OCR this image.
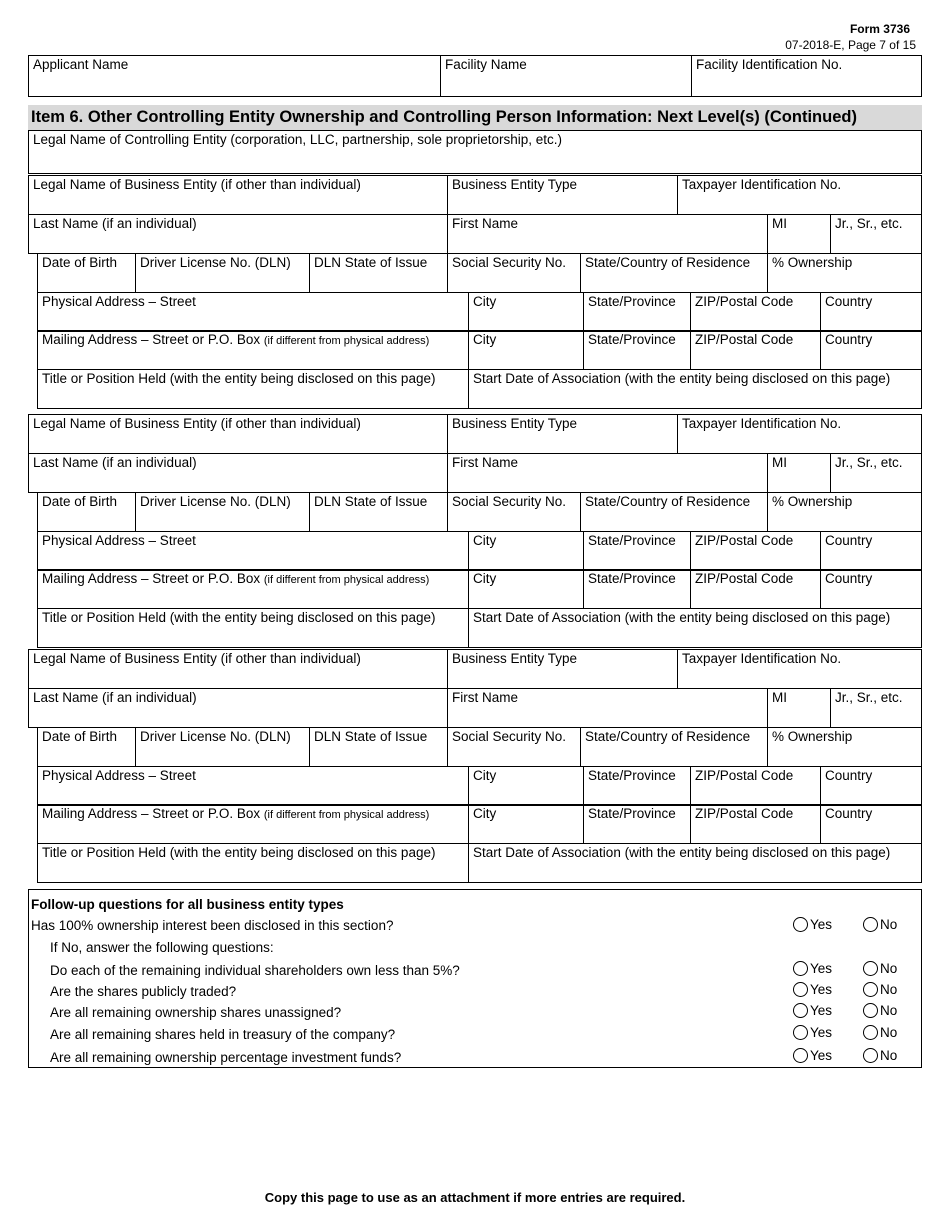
Form 3736
07-2018-E, Page 7 of 15
Applicant Name	Facility Name	Facility Identification No.
Item 6. Other Controlling Entity Ownership and Controlling Person Information: Next Level(s) (Continued)
Legal Name of Controlling Entity (corporation, LLC, partnership, sole proprietorship, etc.)
Legal Name of Business Entity (if other than individual)	Business Entity Type	Taxpayer Identification No.
Last Name (if an individual)	First Name	MI	Jr., Sr., etc.
Date of Birth	Driver License No. (DLN)	DLN State of Issue	Social Security No.	State/Country of Residence	% Ownership
Physical Address – Street	City	State/Province	ZIP/Postal Code	Country
Mailing Address – Street or P.O. Box (if different from physical address)	City	State/Province	ZIP/Postal Code	Country
Title or Position Held (with the entity being disclosed on this page)	Start Date of Association (with the entity being disclosed on this page)
Legal Name of Business Entity (if other than individual)	Business Entity Type	Taxpayer Identification No.
Last Name (if an individual)	First Name	MI	Jr., Sr., etc.
Date of Birth	Driver License No. (DLN)	DLN State of Issue	Social Security No.	State/Country of Residence	% Ownership
Physical Address – Street	City	State/Province	ZIP/Postal Code	Country
Mailing Address – Street or P.O. Box (if different from physical address)	City	State/Province	ZIP/Postal Code	Country
Title or Position Held (with the entity being disclosed on this page)	Start Date of Association (with the entity being disclosed on this page)
Legal Name of Business Entity (if other than individual)	Business Entity Type	Taxpayer Identification No.
Last Name (if an individual)	First Name	MI	Jr., Sr., etc.
Date of Birth	Driver License No. (DLN)	DLN State of Issue	Social Security No.	State/Country of Residence	% Ownership
Physical Address – Street	City	State/Province	ZIP/Postal Code	Country
Mailing Address – Street or P.O. Box (if different from physical address)	City	State/Province	ZIP/Postal Code	Country
Title or Position Held (with the entity being disclosed on this page)	Start Date of Association (with the entity being disclosed on this page)
Follow-up questions for all business entity types
Has 100% ownership interest been disclosed in this section?	Yes	No
If No, answer the following questions:
Do each of the remaining individual shareholders own less than 5%?	Yes	No
Are the shares publicly traded?	Yes	No
Are all remaining ownership shares unassigned?	Yes	No
Are all remaining shares held in treasury of the company?	Yes	No
Are all remaining ownership percentage investment funds?	Yes	No
Copy this page to use as an attachment if more entries are required.
